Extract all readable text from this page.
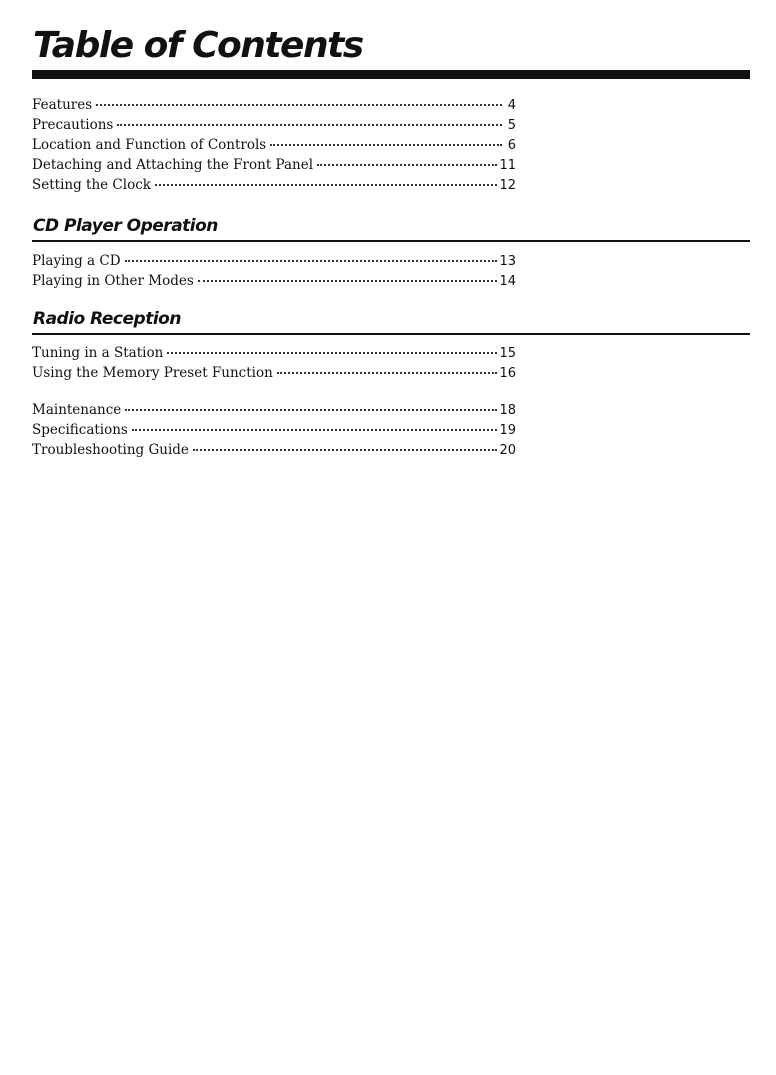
Table of Contents
Features	4
Precautions	5
Location and Function of Controls	6
Detaching and Attaching the Front Panel	11
Setting the Clock	12
CD Player Operation
Playing a CD	13
Playing in Other Modes	14
Radio Reception
Tuning in a Station	15
Using the Memory Preset Function	16
Maintenance	18
Specifications	19
Troubleshooting Guide	20
